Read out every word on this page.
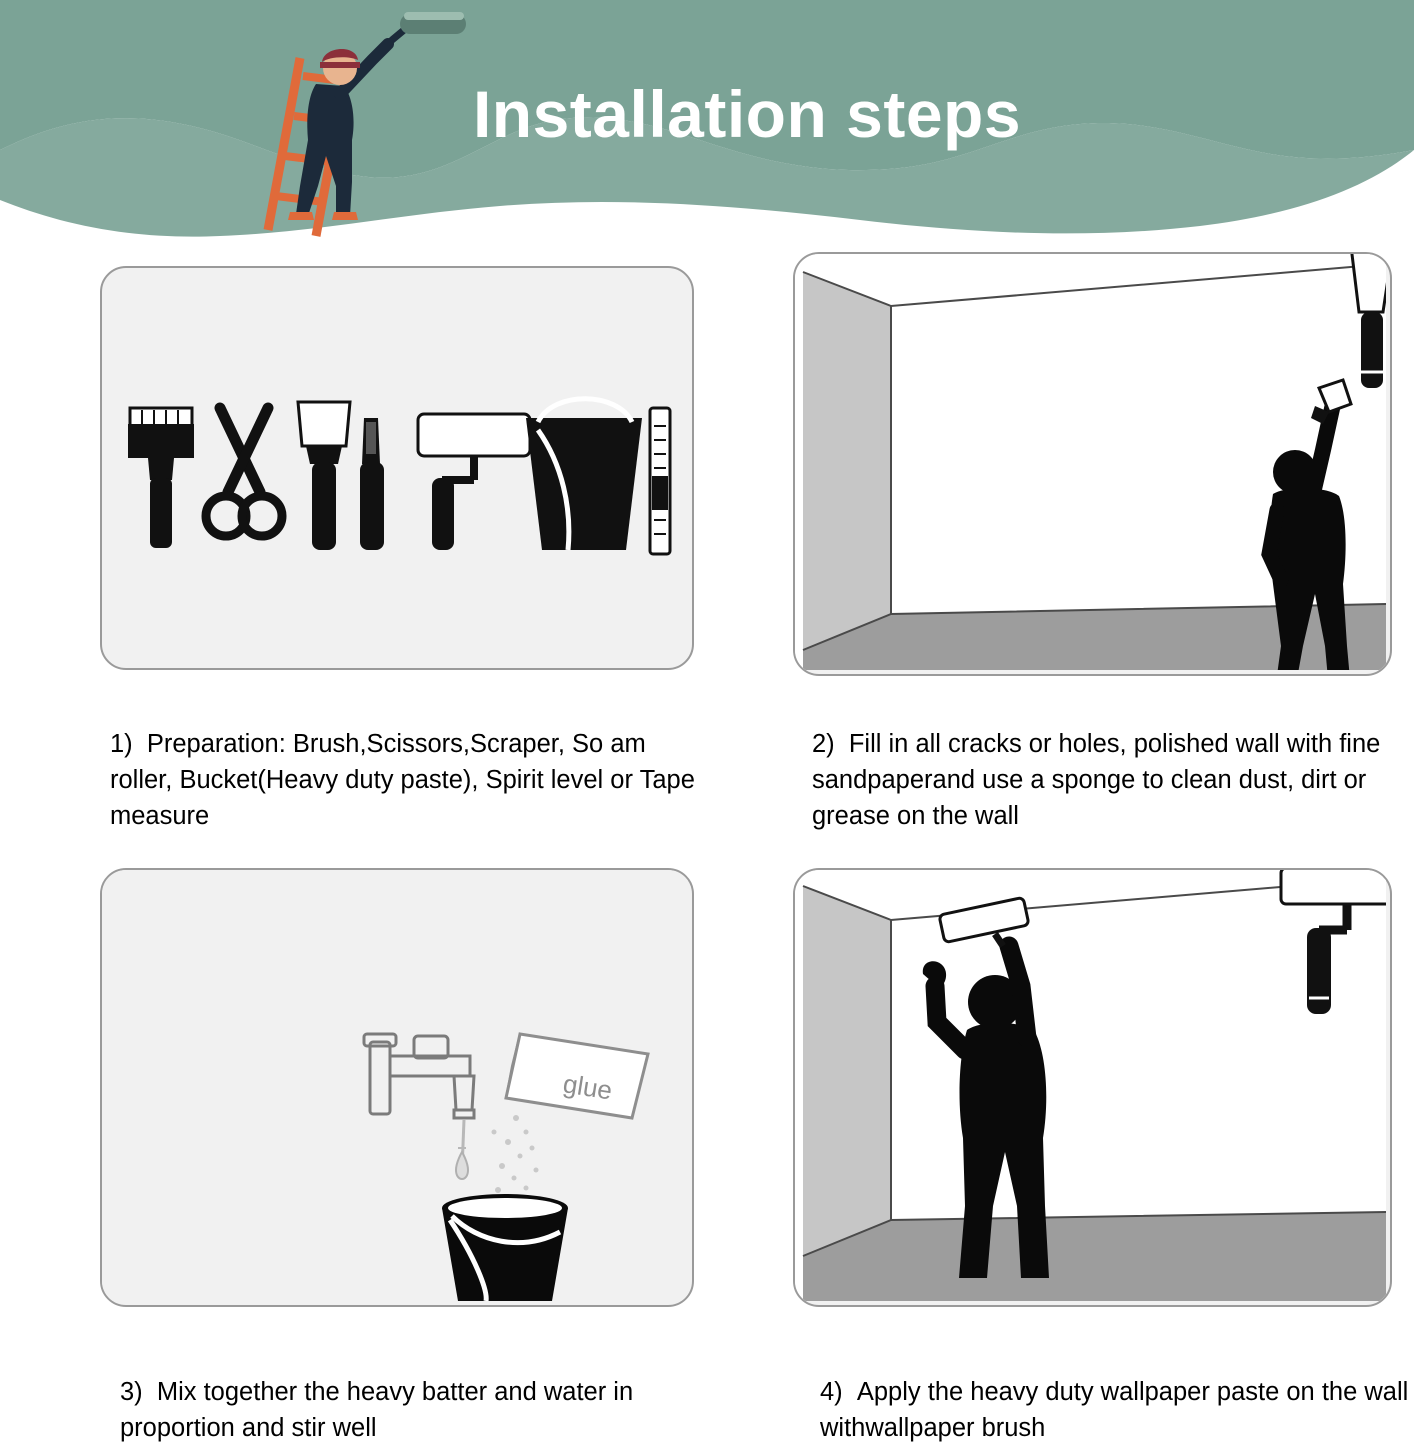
Installation steps
1) Preparation: Brush,Scissors,Scraper, So am roller, Bucket(Heavy duty paste), Spirit level or Tape measure
2) Fill in all cracks or holes, polished wall with fine sandpaperand use a sponge to clean dust, dirt or grease on the wall
glue
3) Mix together the heavy batter and water in proportion and stir well
4) Apply the heavy duty wallpaper paste on the wall withwallpaper brush
